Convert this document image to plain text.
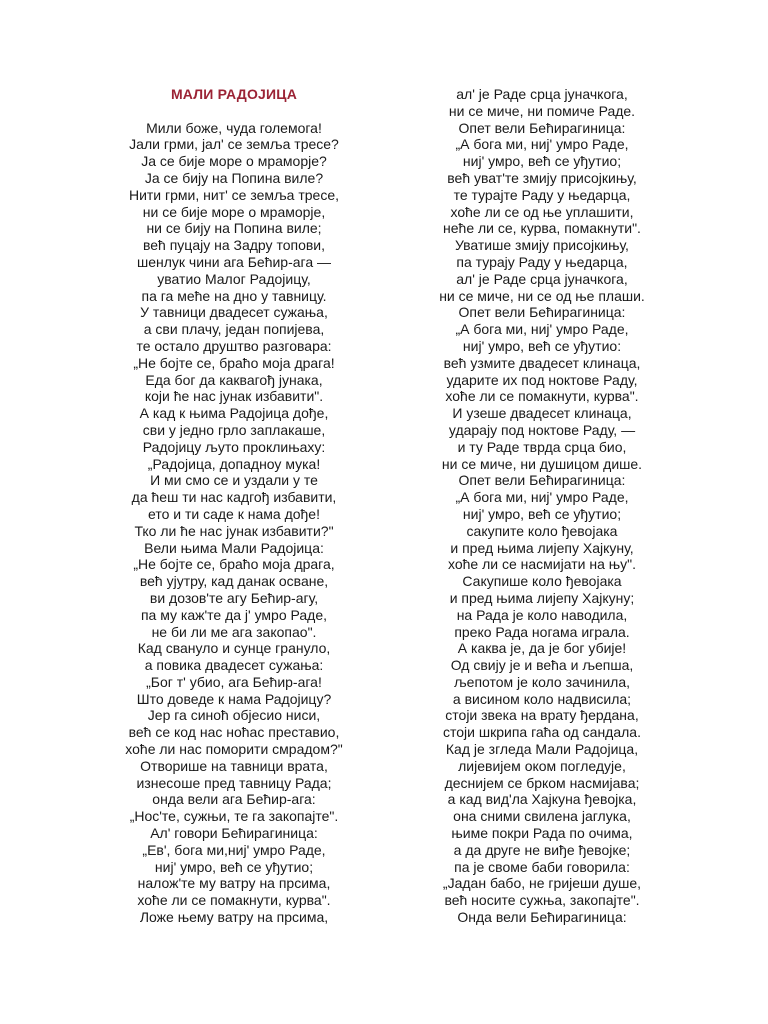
МАЛИ РАДОЈИЦА
Мили боже, чуда големога!
Јали грми, јал' се земља тресе?
Ја се бије море о мраморје?
Ја се бију на Попина виле?
Нити грми, нит' се земља тресе,
ни се бије море о мраморје,
ни се бију на Попина виле;
већ пуцају на Задру топови,
шенлук чини ага Бећир-ага —
уватио Малог Радојицу,
па га меће на дно у тавницу.
У тавници двадесет сужања,
а сви плачу, један попијева,
те остало друштво разговара:
„Не бојте се, браћо моја драга!
Еда бог да каквагођ јунака,
који ће нас јунак избавити".
А кад к њима Радојица дође,
сви у једно грло заплакаше,
Радојицу љуто проклињаху:
„Радојица, допадноу мука!
И ми смо се и уздали у те
да ћеш ти нас кадгођ избавити,
ето и ти саде к нама дође!
Тко ли ће нас јунак избавити?"
Вели њима Мали Радојица:
„Не бојте се, браћо моја драга,
већ ујутру, кад данак осване,
ви дозов'те агу Бећир-агу,
па му каж'те да ј' умро Раде,
не би ли ме ага закопао".
Кад свануло и сунце грануло,
а повика двадесет сужања:
„Бог т' убио, ага Бећир-ага!
Што доведе к нама Радојицу?
Јер га синоћ објесио ниси,
већ се код нас ноћас преставио,
хоће ли нас поморити смрадом?"
Отворише на тавници врата,
изнесоше пред тавницу Рада;
онда вели ага Бећир-ага:
„Нос'те, сужњи, те га закопајте".
Ал' говори Бећирагиница:
„Ев', бога ми,ниј' умро Раде,
ниј' умро, већ се уђутио;
налож'те му ватру на прсима,
хоће ли се помакнути, курва".
Ложе њему ватру на прсима,
ал' је Раде срца јуначкога,
ни се миче, ни помиче Раде.
Опет вели Бећирагиница:
„А бога ми, ниј' умро Раде,
ниј' умро, већ се уђутио;
већ уват'те змију присојкињу,
те турајте Раду у њедарца,
хоће ли се од ње уплашити,
неће ли се, курва, помакнути".
Уватише змију присојкињу,
па турају Раду у њедарца,
ал' је Раде срца јуначкога,
ни се миче, ни се од ње плаши.
Опет вели Бећирагиница:
„А бога ми, ниј' умро Раде,
ниј' умро, већ се уђутио:
већ узмите двадесет клинаца,
ударите их под ноктове Раду,
хоће ли се помакнути, курва".
И узеше двадесет клинаца,
ударају под ноктове Раду, —
и ту Раде тврда срца био,
ни се миче, ни душицом дише.
Опет вели Бећирагиница:
„А бога ми, ниј' умро Раде,
ниј' умро, већ се уђутио;
сакупите коло ђевојака
и пред њима лијепу Хајкуну,
хоће ли се насмијати на њу".
Сакупише коло ђевојака
и пред њима лијепу Хајкуну;
на Рада је коло наводила,
преко Рада ногама играла.
А каква је, да је бог убије!
Од свију је и већа и љепша,
љепотом је коло зачинила,
а висином коло надвисила;
стоји звека на врату ђердана,
стоји шкрипа гаћа од сандала.
Кад је згледа Мали Радојица,
лијевијем оком погледује,
деснијем се брком насмијава;
а кад вид'ла Хајкуна ђевојка,
она сними свилена јаглука,
њиме покри Рада по очима,
а да друге не виђе ђевојке;
па је свомe баби говорила:
„Јадан бабо, не гријеши душе,
већ носите сужња, закопајте".
Онда вели Бећирагиница:
